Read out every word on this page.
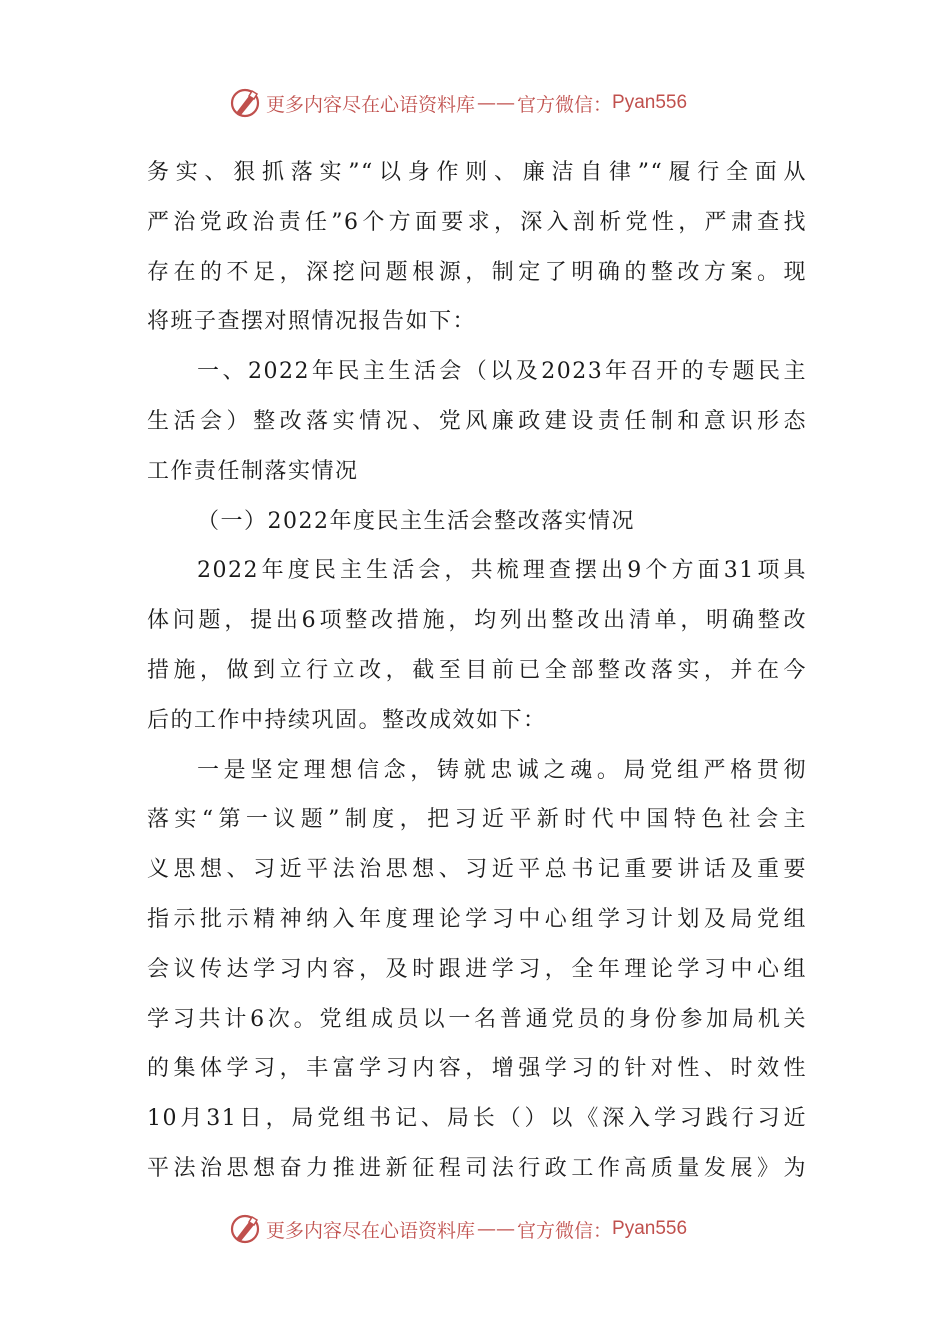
更多内容尽在心语资料库 —— 官方微信： Pyan556
务实、狠抓落实”“以身作则、廉洁自律”“履行全面从
严治党政治责任”6个方面要求，深入剖析党性，严肃查找
存在的不足，深挖问题根源，制定了明确的整改方案。现
将班子查摆对照情况报告如下：
一、2022年民主生活会（以及2023年召开的专题民主
生活会）整改落实情况、党风廉政建设责任制和意识形态
工作责任制落实情况
（一）2022年度民主生活会整改落实情况
2022年度民主生活会，共梳理查摆出9个方面31项具
体问题，提出6项整改措施，均列出整改出清单，明确整改
措施，做到立行立改，截至目前已全部整改落实，并在今
后的工作中持续巩固。整改成效如下：
一是坚定理想信念，铸就忠诚之魂。局党组严格贯彻
落实“第一议题”制度，把习近平新时代中国特色社会主
义思想、习近平法治思想、习近平总书记重要讲话及重要
指示批示精神纳入年度理论学习中心组学习计划及局党组
会议传达学习内容，及时跟进学习，全年理论学习中心组
学习共计6次。党组成员以一名普通党员的身份参加局机关
的集体学习，丰富学习内容，增强学习的针对性、时效性
10月31日，局党组书记、局长（）以《深入学习践行习近
平法治思想奋力推进新征程司法行政工作高质量发展》为
更多内容尽在心语资料库 —— 官方微信： Pyan556
